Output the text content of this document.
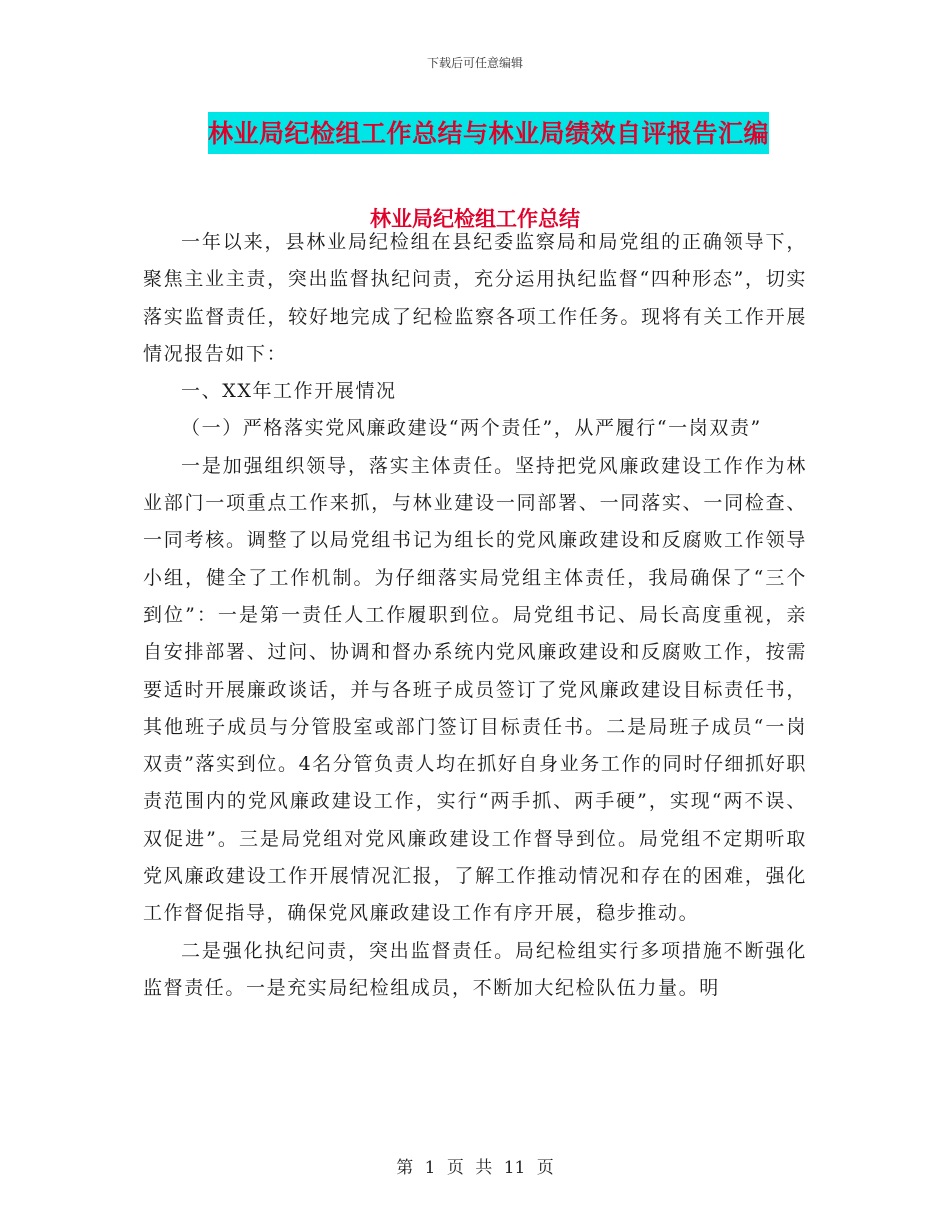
下载后可任意编辑
林业局纪检组工作总结与林业局绩效自评报告汇编
林业局纪检组工作总结

一年以来，县林业局纪检组在县纪委监察局和局党组的正确领导下，聚焦主业主责，突出监督执纪问责，充分运用执纪监督“四种形态”，切实落实监督责任，较好地完成了纪检监察各项工作任务。现将有关工作开展情况报告如下：

一、XX年工作开展情况

（一）严格落实党风廉政建设“两个责任”，从严履行“一岗双责”

一是加强组织领导，落实主体责任。坚持把党风廉政建设工作作为林业部门一项重点工作来抓，与林业建设一同部署、一同落实、一同检查、一同考核。调整了以局党组书记为组长的党风廉政建设和反腐败工作领导小组，健全了工作机制。为仔细落实局党组主体责任，我局确保了“三个到位”：一是第一责任人工作履职到位。局党组书记、局长高度重视，亲自安排部署、过问、协调和督办系统内党风廉政建设和反腐败工作，按需要适时开展廉政谈话，并与各班子成员签订了党风廉政建设目标责任书，其他班子成员与分管股室或部门签订目标责任书。二是局班子成员“一岗双责”落实到位。4名分管负责人均在抓好自身业务工作的同时仔细抓好职责范围内的党风廉政建设工作，实行“两手抓、两手硬”，实现“两不误、双促进”。三是局党组对党风廉政建设工作督导到位。局党组不定期听取党风廉政建设工作开展情况汇报，了解工作推动情况和存在的困难，强化工作督促指导，确保党风廉政建设工作有序开展，稳步推动。

二是强化执纪问责，突出监督责任。局纪检组实行多项措施不断强化监督责任。一是充实局纪检组成员，不断加大纪检队伍力量。明

第 1 页 共 11 页
